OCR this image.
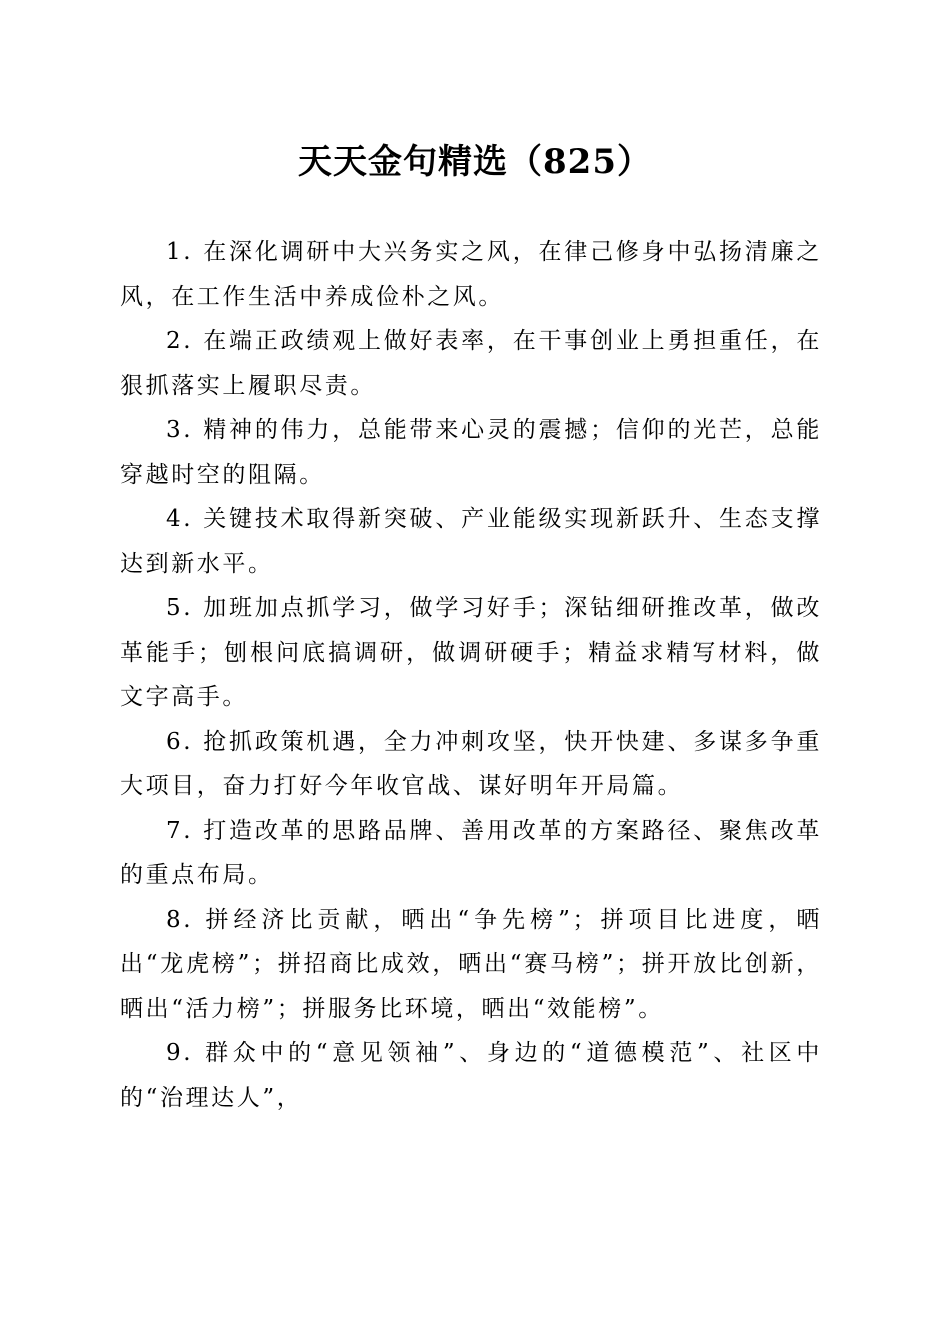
天天金句精选（825）

1. 在深化调研中大兴务实之风，在律己修身中弘扬清廉之风，在工作生活中养成俭朴之风。

2. 在端正政绩观上做好表率，在干事创业上勇担重任，在狠抓落实上履职尽责。

3. 精神的伟力，总能带来心灵的震撼；信仰的光芒，总能穿越时空的阻隔。

4. 关键技术取得新突破、产业能级实现新跃升、生态支撑达到新水平。

5. 加班加点抓学习，做学习好手；深钻细研推改革，做改革能手；刨根问底搞调研，做调研硬手；精益求精写材料，做文字高手。

6. 抢抓政策机遇，全力冲刺攻坚，快开快建、多谋多争重大项目，奋力打好今年收官战、谋好明年开局篇。

7. 打造改革的思路品牌、善用改革的方案路径、聚焦改革的重点布局。

8. 拼经济比贡献，晒出“争先榜”；拼项目比进度，晒出“龙虎榜”；拼招商比成效，晒出“赛马榜”；拼开放比创新，晒出“活力榜”；拼服务比环境，晒出“效能榜”。

9. 群众中的“意见领袖”、身边的“道德模范”、社区中的“治理达人”，
